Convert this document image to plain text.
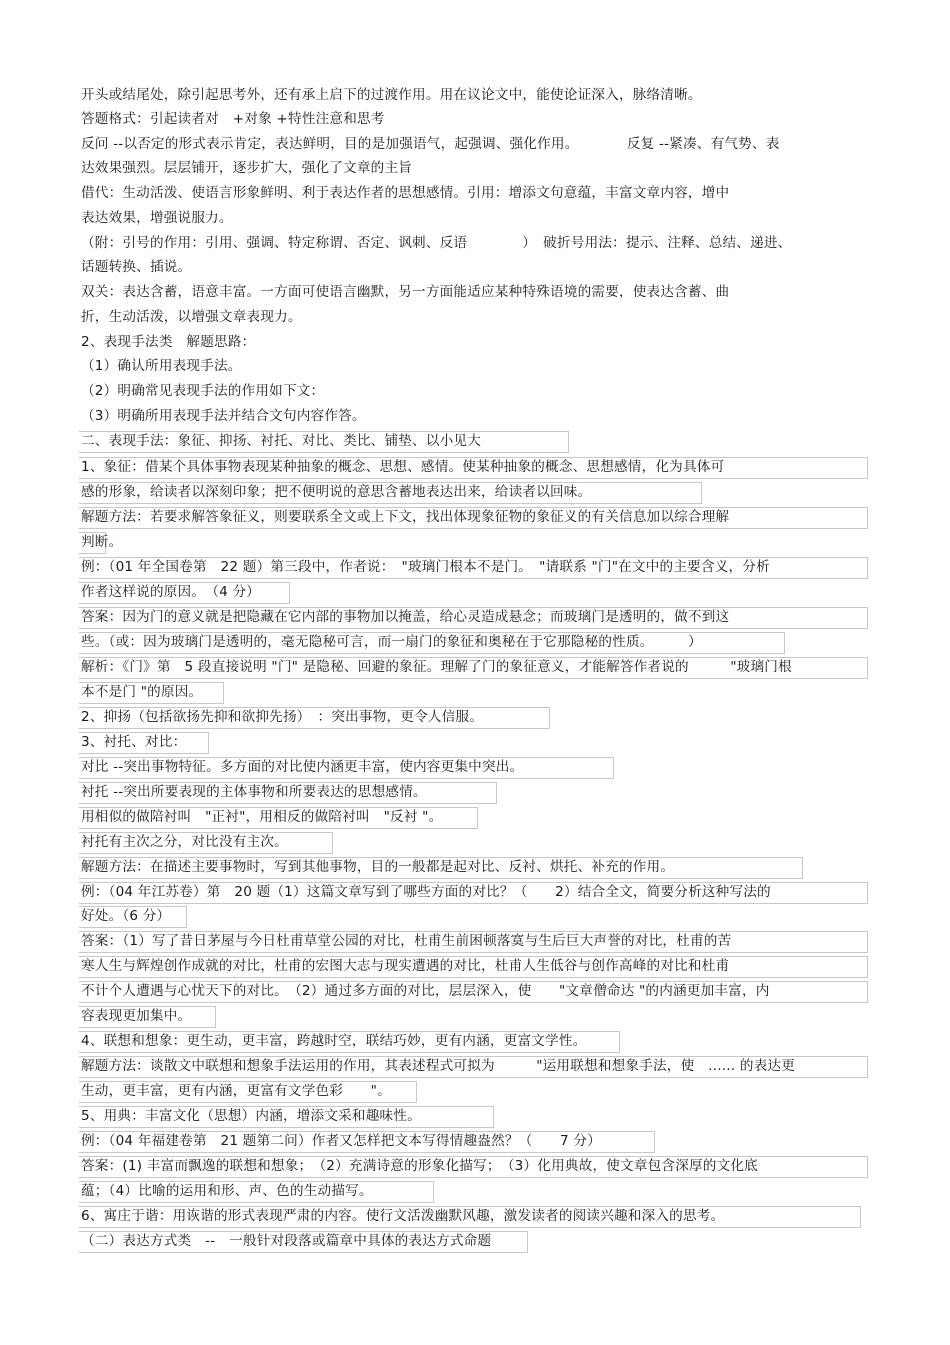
开头或结尾处，除引起思考外，还有承上启下的过渡作用。用在议论文中，能使论证深入，脉络清晰。
答题格式：引起读者对　+对象 +特性注意和思考
反问 --以否定的形式表示肯定，表达鲜明，目的是加强语气，起强调、强化作用。　　　　反复 --紧凑、有气势、表
达效果强烈。层层铺开，逐步扩大，强化了文章的主旨
借代：生动活泼、使语言形象鲜明、利于表达作者的思想感情。引用：增添文句意蕴，丰富文章内容，增中
表达效果，增强说服力。
（附：引号的作用：引用、强调、特定称谓、否定、讽刺、反语　　　　）　破折号用法：提示、注释、总结、递进、
话题转换、插说。
双关：表达含蓄，语意丰富。一方面可使语言幽默，另一方面能适应某种特殊语境的需要，使表达含蓄、曲
折，生动活泼，以增强文章表现力。
2、表现手法类　解题思路：
（1）确认所用表现手法。
（2）明确常见表现手法的作用如下文：
（3）明确所用表现手法并结合文句内容作答。
二、表现手法：象征、抑扬、衬托、对比、类比、铺垫、以小见大
1、象征：借某个具体事物表现某种抽象的概念、思想、感情。使某种抽象的概念、思想感情，化为具体可
感的形象，给读者以深刻印象；把不便明说的意思含蓄地表达出来，给读者以回味。
解题方法：若要求解答象征义，则要联系全文或上下文，找出体现象征物的象征义的有关信息加以综合理解
判断。
例：（01 年全国卷第　22 题）第三段中，作者说：　"玻璃门根本不是门。　"请联系 "门"在文中的主要含义，分析
作者这样说的原因。　（4 分）
答案：因为门的意义就是把隐藏在它内部的事物加以掩盖，给心灵造成悬念；而玻璃门是透明的，做不到这
些。（或：因为玻璃门是透明的，毫无隐秘可言，而一扇门的象征和奥秘在于它那隐秘的性质。　　　）
解析：《门》第　5 段直接说明 "门" 是隐秘、回避的象征。理解了门的象征意义，才能解答作者说的　　　"玻璃门根
本不是门 "的原因。
2、抑扬（包括欲扬先抑和欲抑先扬）　：突出事物，更令人信服。
3、衬托、对比：
对比 --突出事物特征。多方面的对比使内涵更丰富，使内容更集中突出。
衬托 --突出所要表现的主体事物和所要表达的思想感情。
用相似的做陪衬叫　"正衬"，用相反的做陪衬叫　"反衬 "。
衬托有主次之分，对比没有主次。
解题方法：在描述主要事物时，写到其他事物，目的一般都是起对比、反衬、烘托、补充的作用。
例：（04 年江苏卷）第　20 题（1）这篇文章写到了哪些方面的对比？（　　2）结合全文，简要分析这种写法的
好处。（6 分）
答案：（1）写了昔日茅屋与今日杜甫草堂公园的对比，杜甫生前困顿落寞与生后巨大声誉的对比，杜甫的苦
寒人生与辉煌创作成就的对比，杜甫的宏图大志与现实遭遇的对比，杜甫人生低谷与创作高峰的对比和杜甫
不计个人遭遇与心忧天下的对比。　（2）通过多方面的对比，层层深入，使　　"文章僧命达 "的内涵更加丰富，内
容表现更加集中。
4、联想和想象：更生动，更丰富，跨越时空，联结巧妙，更有内涵，更富文学性。
解题方法：谈散文中联想和想象手法运用的作用，其表述程式可拟为　　　"运用联想和想象手法，使　...... 的表达更
生动，更丰富，更有内涵，更富有文学色彩　　"。
5、用典：丰富文化（思想）内涵，增添文采和趣味性。
例：（04 年福建卷第　21 题第二问）作者又怎样把文本写得情趣盎然？（　　7 分）
答案：(1) 丰富而飘逸的联想和想象；　（2）充满诗意的形象化描写；　（3）化用典故，使文章包含深厚的文化底
蕴；（4）比喻的运用和形、声、色的生动描写。
6、寓庄于谐：用诙谐的形式表现严肃的内容。使行文活泼幽默风趣，激发读者的阅读兴趣和深入的思考。
（二）表达方式类　--　一般针对段落或篇章中具体的表达方式命题
